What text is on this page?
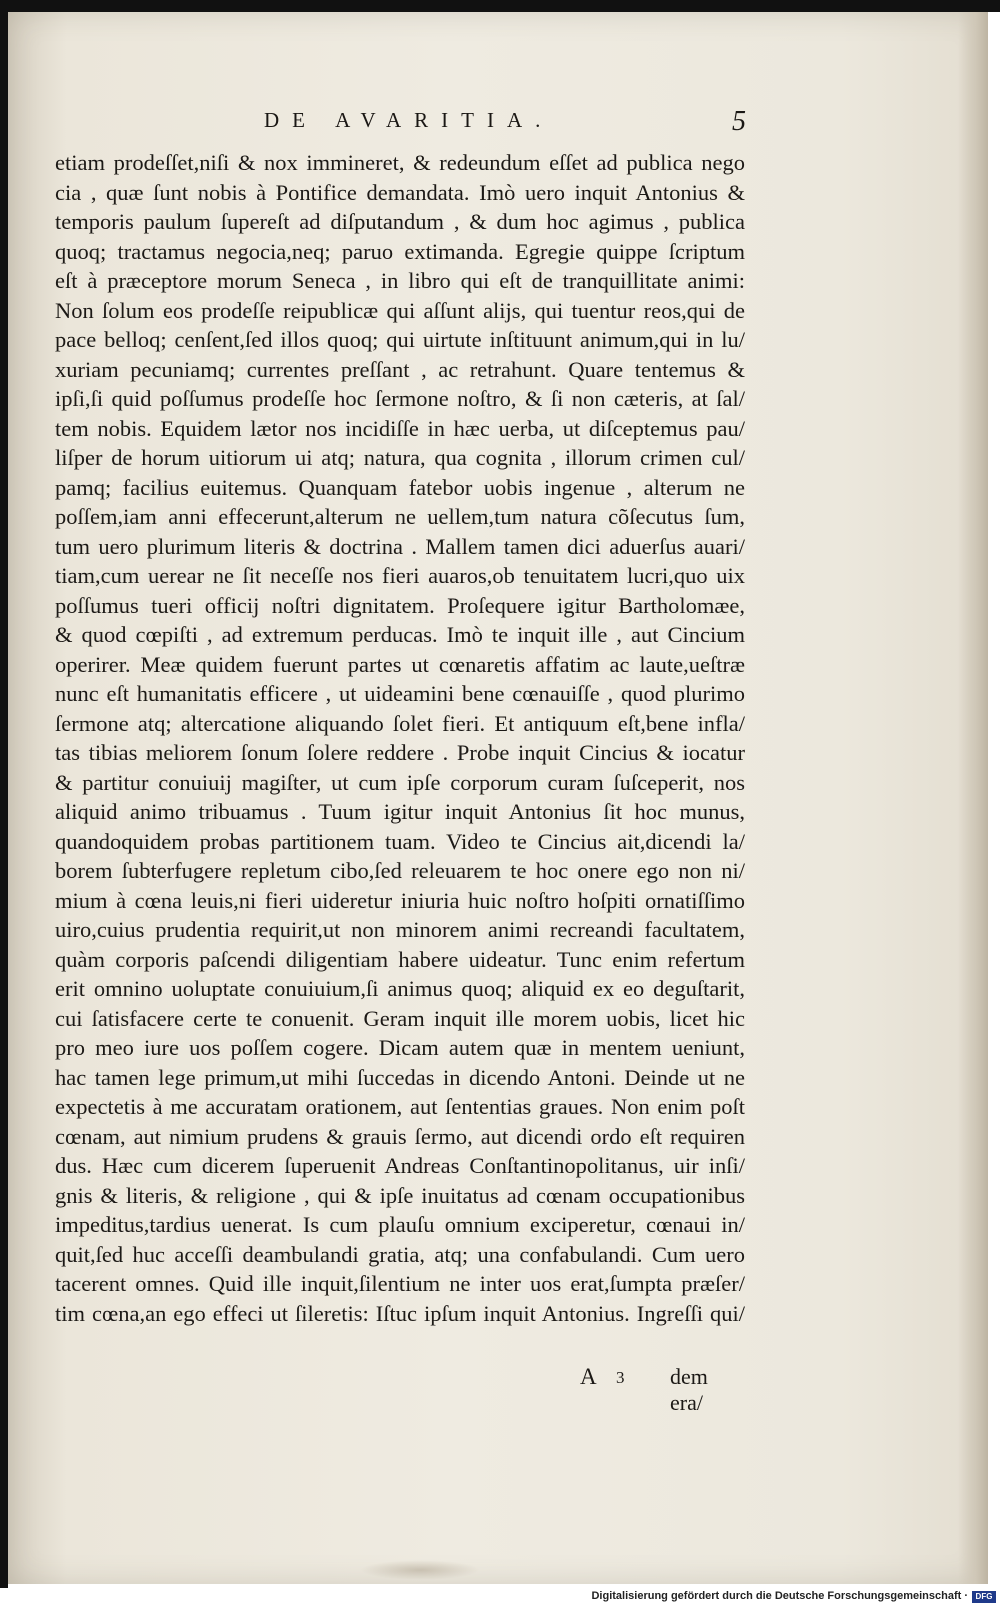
DE AVARITIA.	5
etiam prodeſſet,niſi & nox immineret, & redeundum eſſet ad publica nego
cia , quæ ſunt nobis à Pontifice demandata. Imò uero inquit Antonius &
temporis paulum ſupereſt ad diſputandum , & dum hoc agimus , publica
quoq; tractamus negocia,neq; paruo extimanda. Egregie quippe ſcriptum
eſt à præceptore morum Seneca , in libro qui eſt de tranquillitate animi:
Non ſolum eos prodeſſe reipublicæ qui aſſunt alijs, qui tuentur reos,qui de
pace belloq; cenſent,ſed illos quoq; qui uirtute inſtituunt animum,qui in lu/
xuriam pecuniamq; currentes preſſant , ac retrahunt. Quare tentemus &
ipſi,ſi quid poſſumus prodeſſe hoc ſermone noſtro, & ſi non cæteris, at ſal/
tem nobis. Equidem lætor nos incidiſſe in hæc uerba, ut diſceptemus pau/
liſper de horum uitiorum ui atq; natura, qua cognita , illorum crimen cul/
pamq; facilius euitemus. Quanquam fatebor uobis ingenue , alterum ne
poſſem,iam anni effecerunt,alterum ne uellem,tum natura cõſecutus ſum,
tum uero plurimum literis & doctrina . Mallem tamen dici aduerſus auari/
tiam,cum uerear ne ſit neceſſe nos fieri auaros,ob tenuitatem lucri,quo uix
poſſumus tueri officij noſtri dignitatem. Proſequere igitur Bartholomæe,
& quod cœpiſti , ad extremum perducas. Imò te inquit ille , aut Cincium
operirer. Meæ quidem fuerunt partes ut cœnaretis affatim ac laute,ueſtræ
nunc eſt humanitatis efficere , ut uideamini bene cœnauiſſe , quod plurimo
ſermone atq; altercatione aliquando ſolet fieri. Et antiquum eſt,bene infla/
tas tibias meliorem ſonum ſolere reddere . Probe inquit Cincius & iocatur
& partitur conuiuij magiſter, ut cum ipſe corporum curam ſuſceperit, nos
aliquid animo tribuamus . Tuum igitur inquit Antonius ſit hoc munus,
quandoquidem probas partitionem tuam. Video te Cincius ait,dicendi la/
borem ſubterfugere repletum cibo,ſed releuarem te hoc onere ego non ni/
mium à cœna leuis,ni fieri uideretur iniuria huic noſtro hoſpiti ornatiſſimo
uiro,cuius prudentia requirit,ut non minorem animi recreandi facultatem,
quàm corporis paſcendi diligentiam habere uideatur. Tunc enim refertum
erit omnino uoluptate conuiuium,ſi animus quoq; aliquid ex eo deguſtarit,
cui ſatisfacere certe te conuenit. Geram inquit ille morem uobis, licet hic
pro meo iure uos poſſem cogere. Dicam autem quæ in mentem ueniunt,
hac tamen lege primum,ut mihi ſuccedas in dicendo Antoni. Deinde ut ne
expectetis à me accuratam orationem, aut ſententias graues. Non enim poſt
cœnam, aut nimium prudens & grauis ſermo, aut dicendi ordo eſt requiren
dus. Hæc cum dicerem ſuperuenit Andreas Conſtantinopolitanus, uir inſi/
gnis & literis, & religione , qui & ipſe inuitatus ad cœnam occupationibus
impeditus,tardius uenerat. Is cum plauſu omnium exciperetur, cœnaui in/
quit,ſed huc acceſſi deambulandi gratia, atq; una confabulandi. Cum uero
tacerent omnes. Quid ille inquit,ſilentium ne inter uos erat,ſumpta præſer/
tim cœna,an ego effeci ut ſileretis: Iſtuc ipſum inquit Antonius. Ingreſſi qui/
A 3 dem era/
Digitalisierung gefördert durch die Deutsche Forschungsgemeinschaft · DFG
